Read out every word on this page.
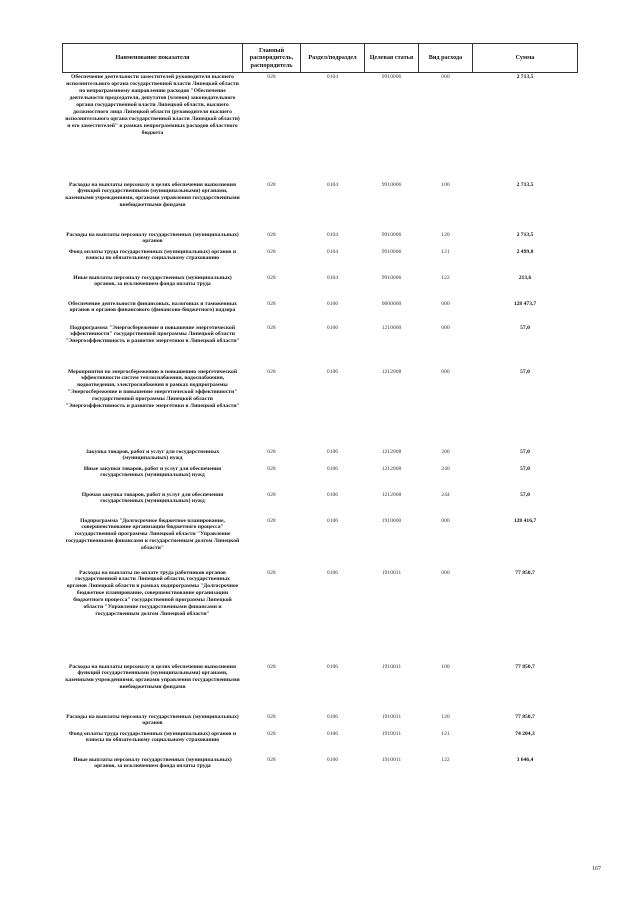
Наименование показателя	Главный распорядитель, распорядитель	Раздел/подраздел	Целевая статья	Вид расхода	Сумма
Обеспечение деятельности заместителей руководителя высшего исполнительного органа государственной власти Липецкой области по непрограммному направлению расходов "Обеспечение деятельности председателя, депутатов (членов) законодательного органа государственной власти Липецкой области, высшего должностного лица Липецкой области (руководителя высшего исполнительного органа государственной власти Липецкой области) и его заместителей" в рамках непрограммных расходов областного бюджета	028	0104	9910006	000	2 713,5
Расходы на выплаты персоналу в целях обеспечения выполнения функций государственными (муниципальными) органами, казенными учреждениями, органами управления государственными внебюджетными фондами	028	0104	9910006	100	2 713,5
Расходы на выплаты персоналу государственных (муниципальных) органов	028	0104	9910006	120	2 713,5
Фонд оплаты труда государственных (муниципальных) органов и взносы по обязательному социальному страхованию	028	0104	9910006	121	2 499,8
Иные выплаты персоналу государственных (муниципальных) органов, за исключением фонда оплаты труда	028	0104	9910006	122	213,6
Обеспечение деятельности финансовых, налоговых и таможенных органов и органов финансового (финансово-бюджетного) надзора	028	0106	0000000	000	128 473,7
Подпрограмма "Энергосбережение и повышение энергетической эффективности" государственной программы Липецкой области "Энергоэффективность и развитие энергетики в Липецкой области"	028	0106	1210000	000	57,0
Мероприятия по энергосбережению и повышению энергетической эффективности систем теплоснабжения, водоснабжения, водоотведения, электроснабжения в рамках подпрограммы "Энергосбережение и повышение энергетической эффективности" государственной программы Липецкой области "Энергоэффективность и развитие энергетики в Липецкой области"	028	0106	1212008	000	57,0
Закупка товаров, работ и услуг для государственных (муниципальных) нужд	028	0106	1212008	200	57,0
Иные закупки товаров, работ и услуг для обеспечения государственных (муниципальных) нужд	028	0106	1212008	240	57,0
Прочая закупка товаров, работ и услуг для обеспечения государственных (муниципальных) нужд	028	0106	1212008	244	57,0
Подпрограмма "Долгосрочное бюджетное планирование, совершенствование организации бюджетного процесса" государственной программы Липецкой области "Управление государственными финансами и государственным долгом Липецкой области"	028	0106	1910000	000	128 416,7
Расходы на выплаты по оплате труда работников органов государственной власти Липецкой области, государственных органов Липецкой области в рамках подпрограммы "Долгосрочное бюджетное планирование, совершенствование организации бюджетного процесса" государственной программы Липецкой области "Управление государственными финансами и государственным долгом Липецкой области"	028	0106	1910011	000	77 850,7
Расходы на выплаты персоналу в целях обеспечения выполнения функций государственными (муниципальными) органами, казенными учреждениями, органами управления государственными внебюджетными фондами	028	0106	1910011	100	77 850,7
Расходы на выплаты персоналу государственных (муниципальных) органов	028	0106	1910011	120	77 850,7
Фонд оплаты труда государственных (муниципальных) органов и взносы по обязательному социальному страхованию	028	0106	1910011	121	74 204,3
Иные выплаты персоналу государственных (муниципальных) органов, за исключением фонда оплаты труда	028	0106	1910011	122	3 646,4
167
